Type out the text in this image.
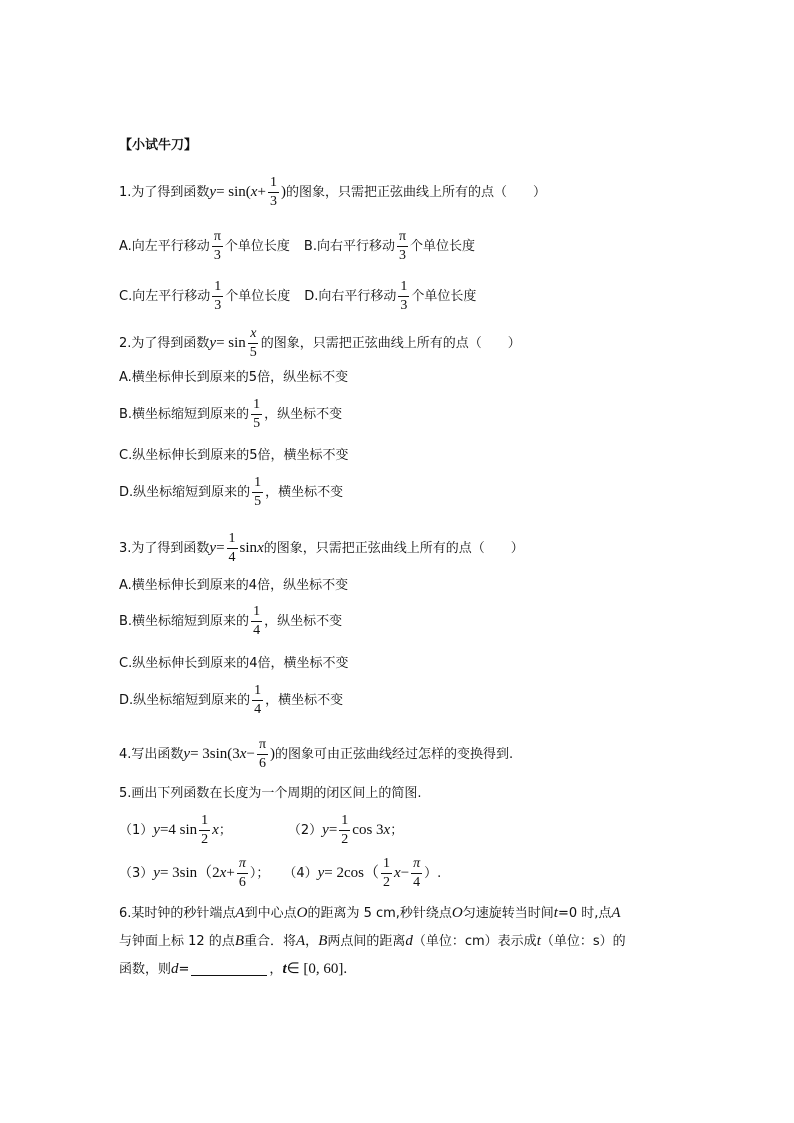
【小试牛刀】
1.为了得到函数 y = sin( $x + \frac{1}{3}$ ) 的图象，只需把正弦曲线上所有的点（　　）
A.向左平行移动 $\frac{\pi}{3}$ 个单位长度 B.向右平行移动 $\frac{\pi}{3}$ 个单位长度
C.向左平行移动 $\frac{1}{3}$ 个单位长度 D.向右平行移动 $\frac{1}{3}$ 个单位长度
2.为了得到函数 $y = \sin \frac{x}{5}$ 的图象，只需把正弦曲线上所有的点（　　）
A.横坐标伸长到原来的5倍，纵坐标不变
B.横坐标缩短到原来的 $\frac{1}{5}$ ，纵坐标不变
C.纵坐标伸长到原来的5倍，横坐标不变
D.纵坐标缩短到原来的 $\frac{1}{5}$ ，横坐标不变
3.为了得到函数 $y = \frac{1}{4}$ sin x 的图象，只需把正弦曲线上所有的点（　　）
A.横坐标伸长到原来的4倍，纵坐标不变
B.横坐标缩短到原来的 $\frac{1}{4}$ ，纵坐标不变
C.纵坐标伸长到原来的4倍，横坐标不变
D.纵坐标缩短到原来的 $\frac{1}{4}$ ，横坐标不变
4.写出函数 y = 3sin(3 $x - \frac{\pi}{6}$ ) 的图象可由正弦曲线经过怎样的变换得到.
5.画出下列函数在长度为一个周期的闭区间上的简图.
（1） y =4 $\sin \frac{1}{2}$ x ；	（2） $y = \frac{1}{2}$ cos 3 x ；
（3） y = 3sin（2 $x + \frac{\pi}{6}$ ）； （4） $y = 2\cos( \frac{1}{2}$ $x - \frac{\pi}{4}$ ）.
6.某时钟的秒针端点 A 到中心点 O 的距离为 5 cm,秒针绕点 O 匀速旋转当时间 t =0 时,点 A
与钟面上标 12 的点 B 重合．将 A ， B 两点间的距离 d （单位：cm）表示成 t （单位：s）的
函数，则 d =	， t ∈ [0, 60].
